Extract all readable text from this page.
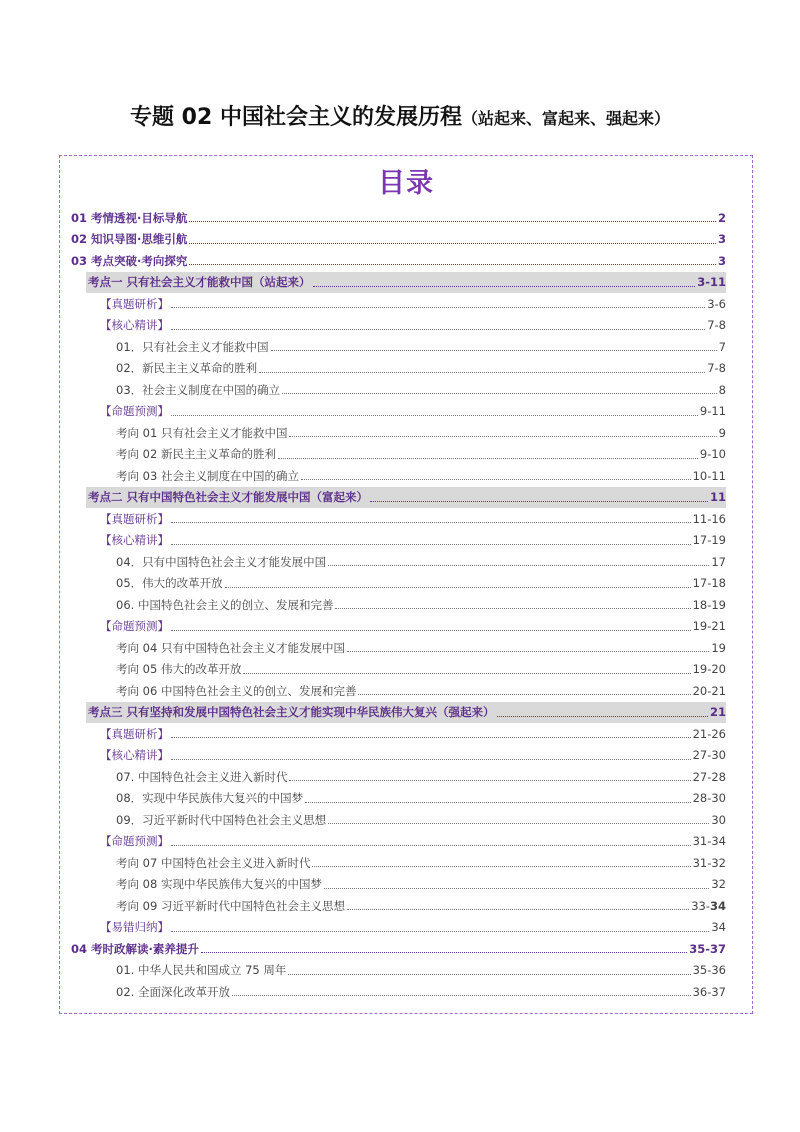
专题 02 中国社会主义的发展历程（站起来、富起来、强起来）
目录
01 考情透视·目标导航	2
02 知识导图·思维引航	3
03 考点突破·考向探究	3
考点一 只有社会主义才能救中国（站起来）	3-11
【真题研析】	3-6
【核心精讲】	7-8
01．只有社会主义才能救中国	7
02．新民主主义革命的胜利	7-8
03．社会主义制度在中国的确立	8
【命题预测】	9-11
考向 01 只有社会主义才能救中国	9
考向 02 新民主主义革命的胜利	9-10
考向 03 社会主义制度在中国的确立	10-11
考点二 只有中国特色社会主义才能发展中国（富起来）	11
【真题研析】	11-16
【核心精讲】	17-19
04．只有中国特色社会主义才能发展中国	17
05．伟大的改革开放	17-18
06. 中国特色社会主义的创立、发展和完善	18-19
【命题预测】	19-21
考向 04 只有中国特色社会主义才能发展中国	19
考向 05 伟大的改革开放	19-20
考向 06 中国特色社会主义的创立、发展和完善	20-21
考点三 只有坚持和发展中国特色社会主义才能实现中华民族伟大复兴（强起来）	21
【真题研析】	21-26
【核心精讲】	27-30
07. 中国特色社会主义进入新时代	27-28
08．实现中华民族伟大复兴的中国梦	28-30
09．习近平新时代中国特色社会主义思想	30
【命题预测】	31-34
考向 07 中国特色社会主义进入新时代	31-32
考向 08 实现中华民族伟大复兴的中国梦	32
考向 09 习近平新时代中国特色社会主义思想	33-34
【易错归纳】	34
04 考时政解读·素养提升	35-37
01. 中华人民共和国成立 75 周年	35-36
02. 全面深化改革开放	36-37
